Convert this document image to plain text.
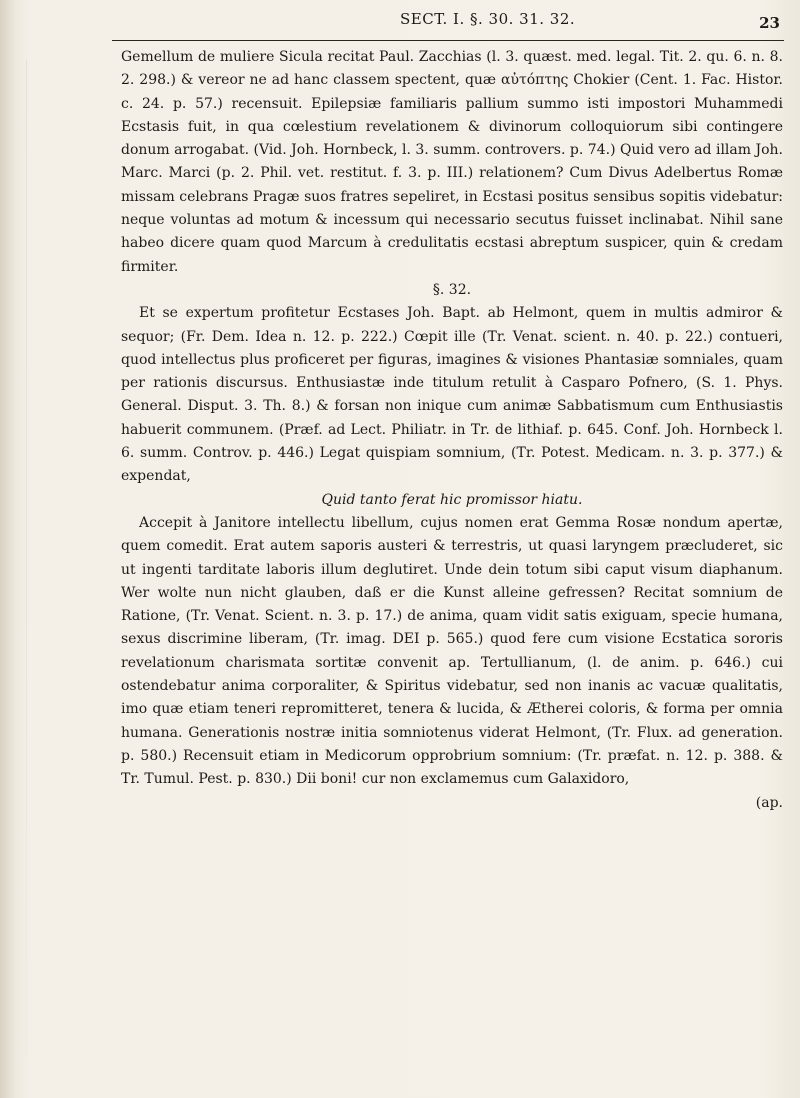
SECT. I. §. 30. 31. 32.	23

Gemellum de muliere Sicula recitat Paul. Zacchias (l. 3. quæst. med. legal. Tit. 2. qu. 6. n. 8. 2. 298.) & vereor ne ad hanc classem spectent, quæ αὐτόπτης Chokier (Cent. 1. Fac. Histor. c. 24. p. 57.) recensuit. Epilepsiæ familiaris pallium summo isti impostori Muhammedi Ecstasis fuit, in qua cœlestium revelationem & divinorum colloquiorum sibi contingere donum arrogabat. (Vid. Joh. Hornbeck, l. 3. summ. controvers. p. 74.) Quid vero ad illam Joh. Marc. Marci (p. 2. Phil. vet. restitut. f. 3. p. III.) relationem? Cum Divus Adelbertus Romæ missam celebrans Pragæ suos fratres sepeliret, in Ecstasi positus sensibus sopitis videbatur: neque voluntas ad motum & incessum qui necessario secutus fuisset inclinabat. Nihil sane habeo dicere quam quod Marcum à credulitatis ecstasi abreptum suspicer, quin & credam firmiter.

§. 32.

Et se expertum profitetur Ecstases Joh. Bapt. ab Helmont, quem in multis admiror & sequor; (Fr. Dem. Idea n. 12. p. 222.) Cœpit ille (Tr. Venat. scient. n. 40. p. 22.) contueri, quod intellectus plus proficeret per figuras, imagines & visiones Phantasiæ somniales, quam per rationis discursus. Enthusiastæ inde titulum retulit à Casparo Pofnero, (S. 1. Phys. General. Disput. 3. Th. 8.) & forsan non inique cum animæ Sabbatismum cum Enthusiastis habuerit communem. (Præf. ad Lect. Philiatr. in Tr. de lithiaf. p. 645. Conf. Joh. Hornbeck l. 6. summ. Controv. p. 446.) Legat quispiam somnium, (Tr. Potest. Medicam. n. 3. p. 377.) & expendat,

Quid tanto ferat hic promissor hiatu.

Accepit à Janitore intellectu libellum, cujus nomen erat Gemma Rosæ nondum apertæ, quem comedit. Erat autem saporis austeri & terrestris, ut quasi laryngem præcluderet, sic ut ingenti tarditate laboris illum deglutiret. Unde dein totum sibi caput visum diaphanum. Wer wolte nun nicht glauben, daß er die Kunst alleine gefressen? Recitat somnium de Ratione, (Tr. Venat. Scient. n. 3. p. 17.) de anima, quam vidit satis exiguam, specie humana, sexus discrimine liberam, (Tr. imag. DEI p. 565.) quod fere cum visione Ecstatica sororis revelationum charismata sortitæ convenit ap. Tertullianum, (l. de anim. p. 646.) cui ostendebatur anima corporaliter, & Spiritus videbatur, sed non inanis ac vacuæ qualitatis, imo quæ etiam teneri repromitteret, tenera & lucida, & Ætherei coloris, & forma per omnia humana. Generationis nostræ initia somniotenus viderat Helmont, (Tr. Flux. ad generation. p. 580.) Recensuit etiam in Medicorum opprobrium somnium: (Tr. præfat. n. 12. p. 388. & Tr. Tumul. Pest. p. 830.) Dii boni! cur non exclamemus cum Galaxidoro,

(ap.
